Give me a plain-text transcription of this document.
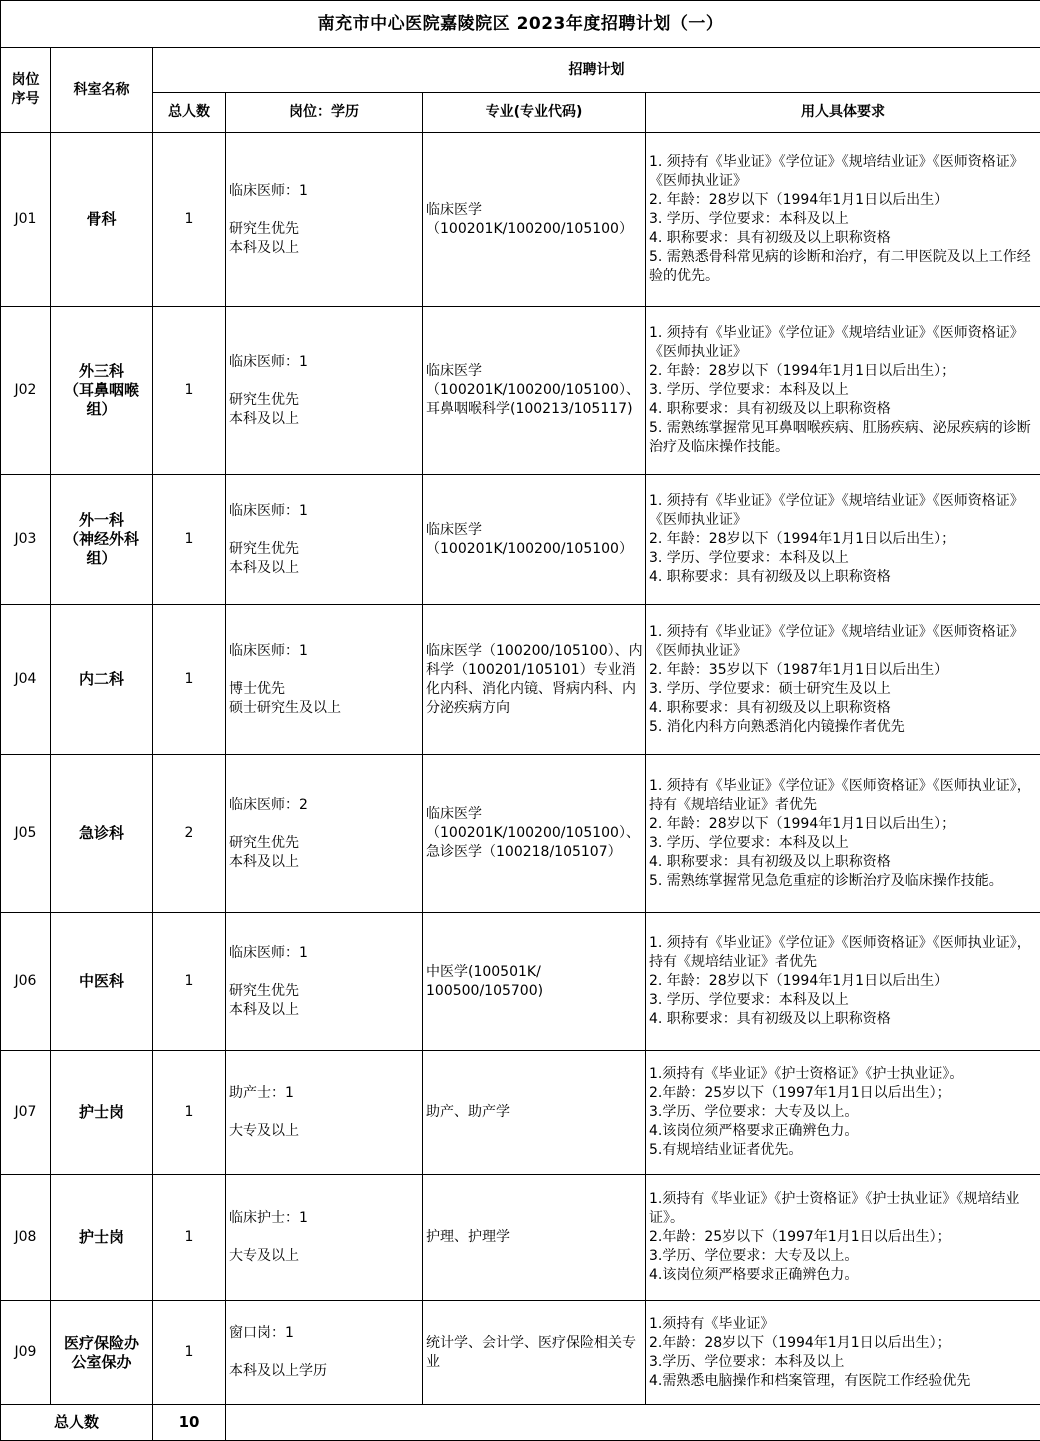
南充市中心医院嘉陵院区 2023年度招聘计划（一）					

岗位
序号	科室名称	招聘计划			
		总人数	岗位：学历	专业(专业代码)	用人具体要求
J01	骨科	1	临床医师：1
研究生优先
本科及以上	临床医学
（100201K/100200/105100）	1. 须持有《毕业证》《学位证》《规培结业证》《医师资格证》《医师执业证》
2. 年龄：28岁以下（1994年1月1日以后出生）
3. 学历、学位要求：本科及以上
4. 职称要求：具有初级及以上职称资格
5. 需熟悉骨科常见病的诊断和治疗，有二甲医院及以上工作经验的优先。

J02	外三科
（耳鼻咽喉
组）	1	临床医师：1
研究生优先
本科及以上	临床医学
（100201K/100200/105100）、耳鼻咽喉科学(100213/105117)	1. 须持有《毕业证》《学位证》《规培结业证》《医师资格证》《医师执业证》
2. 年龄：28岁以下（1994年1月1日以后出生）；
3. 学历、学位要求：本科及以上
4. 职称要求：具有初级及以上职称资格
5. 需熟练掌握常见耳鼻咽喉疾病、肛肠疾病、泌尿疾病的诊断治疗及临床操作技能。

J03	外一科
（神经外科
组）	1	临床医师：1
研究生优先
本科及以上	临床医学
（100201K/100200/105100）	1. 须持有《毕业证》《学位证》《规培结业证》《医师资格证》《医师执业证》
2. 年龄：28岁以下（1994年1月1日以后出生）；
3. 学历、学位要求：本科及以上
4. 职称要求：具有初级及以上职称资格

J04	内二科	1	临床医师：1
博士优先
硕士研究生及以上	临床医学（100200/105100）、内科学（100201/105101）专业消化内科、消化内镜、肾病内科、内分泌疾病方向	1. 须持有《毕业证》《学位证》《规培结业证》《医师资格证》《医师执业证》
2. 年龄：35岁以下（1987年1月1日以后出生）
3. 学历、学位要求：硕士研究生及以上
4. 职称要求：具有初级及以上职称资格
5. 消化内科方向熟悉消化内镜操作者优先

J05	急诊科	2	临床医师：2
研究生优先
本科及以上	临床医学
（100201K/100200/105100）、急诊医学（100218/105107）	1. 须持有《毕业证》《学位证》《医师资格证》《医师执业证》，持有《规培结业证》者优先
2. 年龄：28岁以下（1994年1月1日以后出生）；
3. 学历、学位要求：本科及以上
4. 职称要求：具有初级及以上职称资格
5. 需熟练掌握常见急危重症的诊断治疗及临床操作技能。

J06	中医科	1	临床医师：1
研究生优先
本科及以上	中医学(100501K/
100500/105700)	1. 须持有《毕业证》《学位证》《医师资格证》《医师执业证》，持有《规培结业证》者优先
2. 年龄：28岁以下（1994年1月1日以后出生）
3. 学历、学位要求：本科及以上
4. 职称要求：具有初级及以上职称资格

J07	护士岗	1	助产士：1
大专及以上	助产、助产学	1.须持有《毕业证》《护士资格证》《护士执业证》。
2.年龄：25岁以下（1997年1月1日以后出生）；
3.学历、学位要求：大专及以上。
4.该岗位须严格要求正确辨色力。
5.有规培结业证者优先。

J08	护士岗	1	临床护士：1
大专及以上	护理、护理学	1.须持有《毕业证》《护士资格证》《护士执业证》《规培结业证》。
2.年龄：25岁以下（1997年1月1日以后出生）；
3.学历、学位要求：大专及以上。
4.该岗位须严格要求正确辨色力。

J09	医疗保险办
公室保办	1	窗口岗：1
本科及以上学历	统计学、会计学、医疗保险相关专业	1.须持有《毕业证》
2.年龄：28岁以下（1994年1月1日以后出生）；
3.学历、学位要求：本科及以上
4.需熟悉电脑操作和档案管理，有医院工作经验优先

总人数		10			
